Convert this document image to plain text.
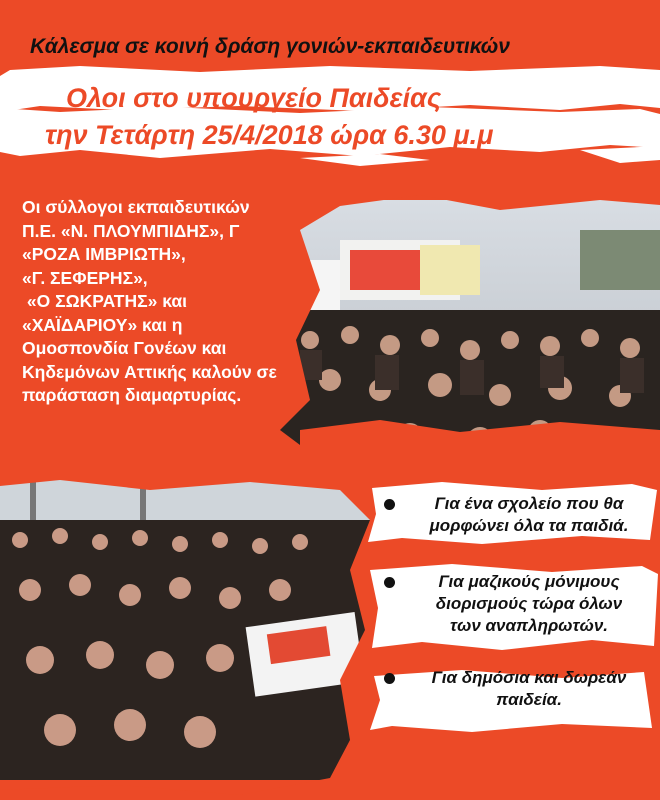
Κάλεσμα σε κοινή δράση γονιών-εκπαιδευτικών
Ολοι στο υπουργείο Παιδείας
την Τετάρτη 25/4/2018 ώρα 6.30 μ.μ
Οι σύλλογοι εκπαιδευτικών
Π.Ε. «Ν. ΠΛΟΥΜΠΙΔΗΣ», Γ
«ΡΟΖΑ ΙΜΒΡΙΩΤΗ»,
«Γ. ΣΕΦΕΡΗΣ»,
«Ο ΣΩΚΡΑΤΗΣ» και
«ΧΑΪΔΑΡΙΟΥ» και η
Ομοσπονδία Γονέων και
Κηδεμόνων Αττικής καλούν σε
παράσταση διαμαρτυρίας.
Για ένα σχολείο που θα
μορφώνει όλα τα παιδιά.
Για μαζικούς μόνιμους
διορισμούς τώρα όλων
των αναπληρωτών.
Για δημόσια και δωρεάν
παιδεία.
